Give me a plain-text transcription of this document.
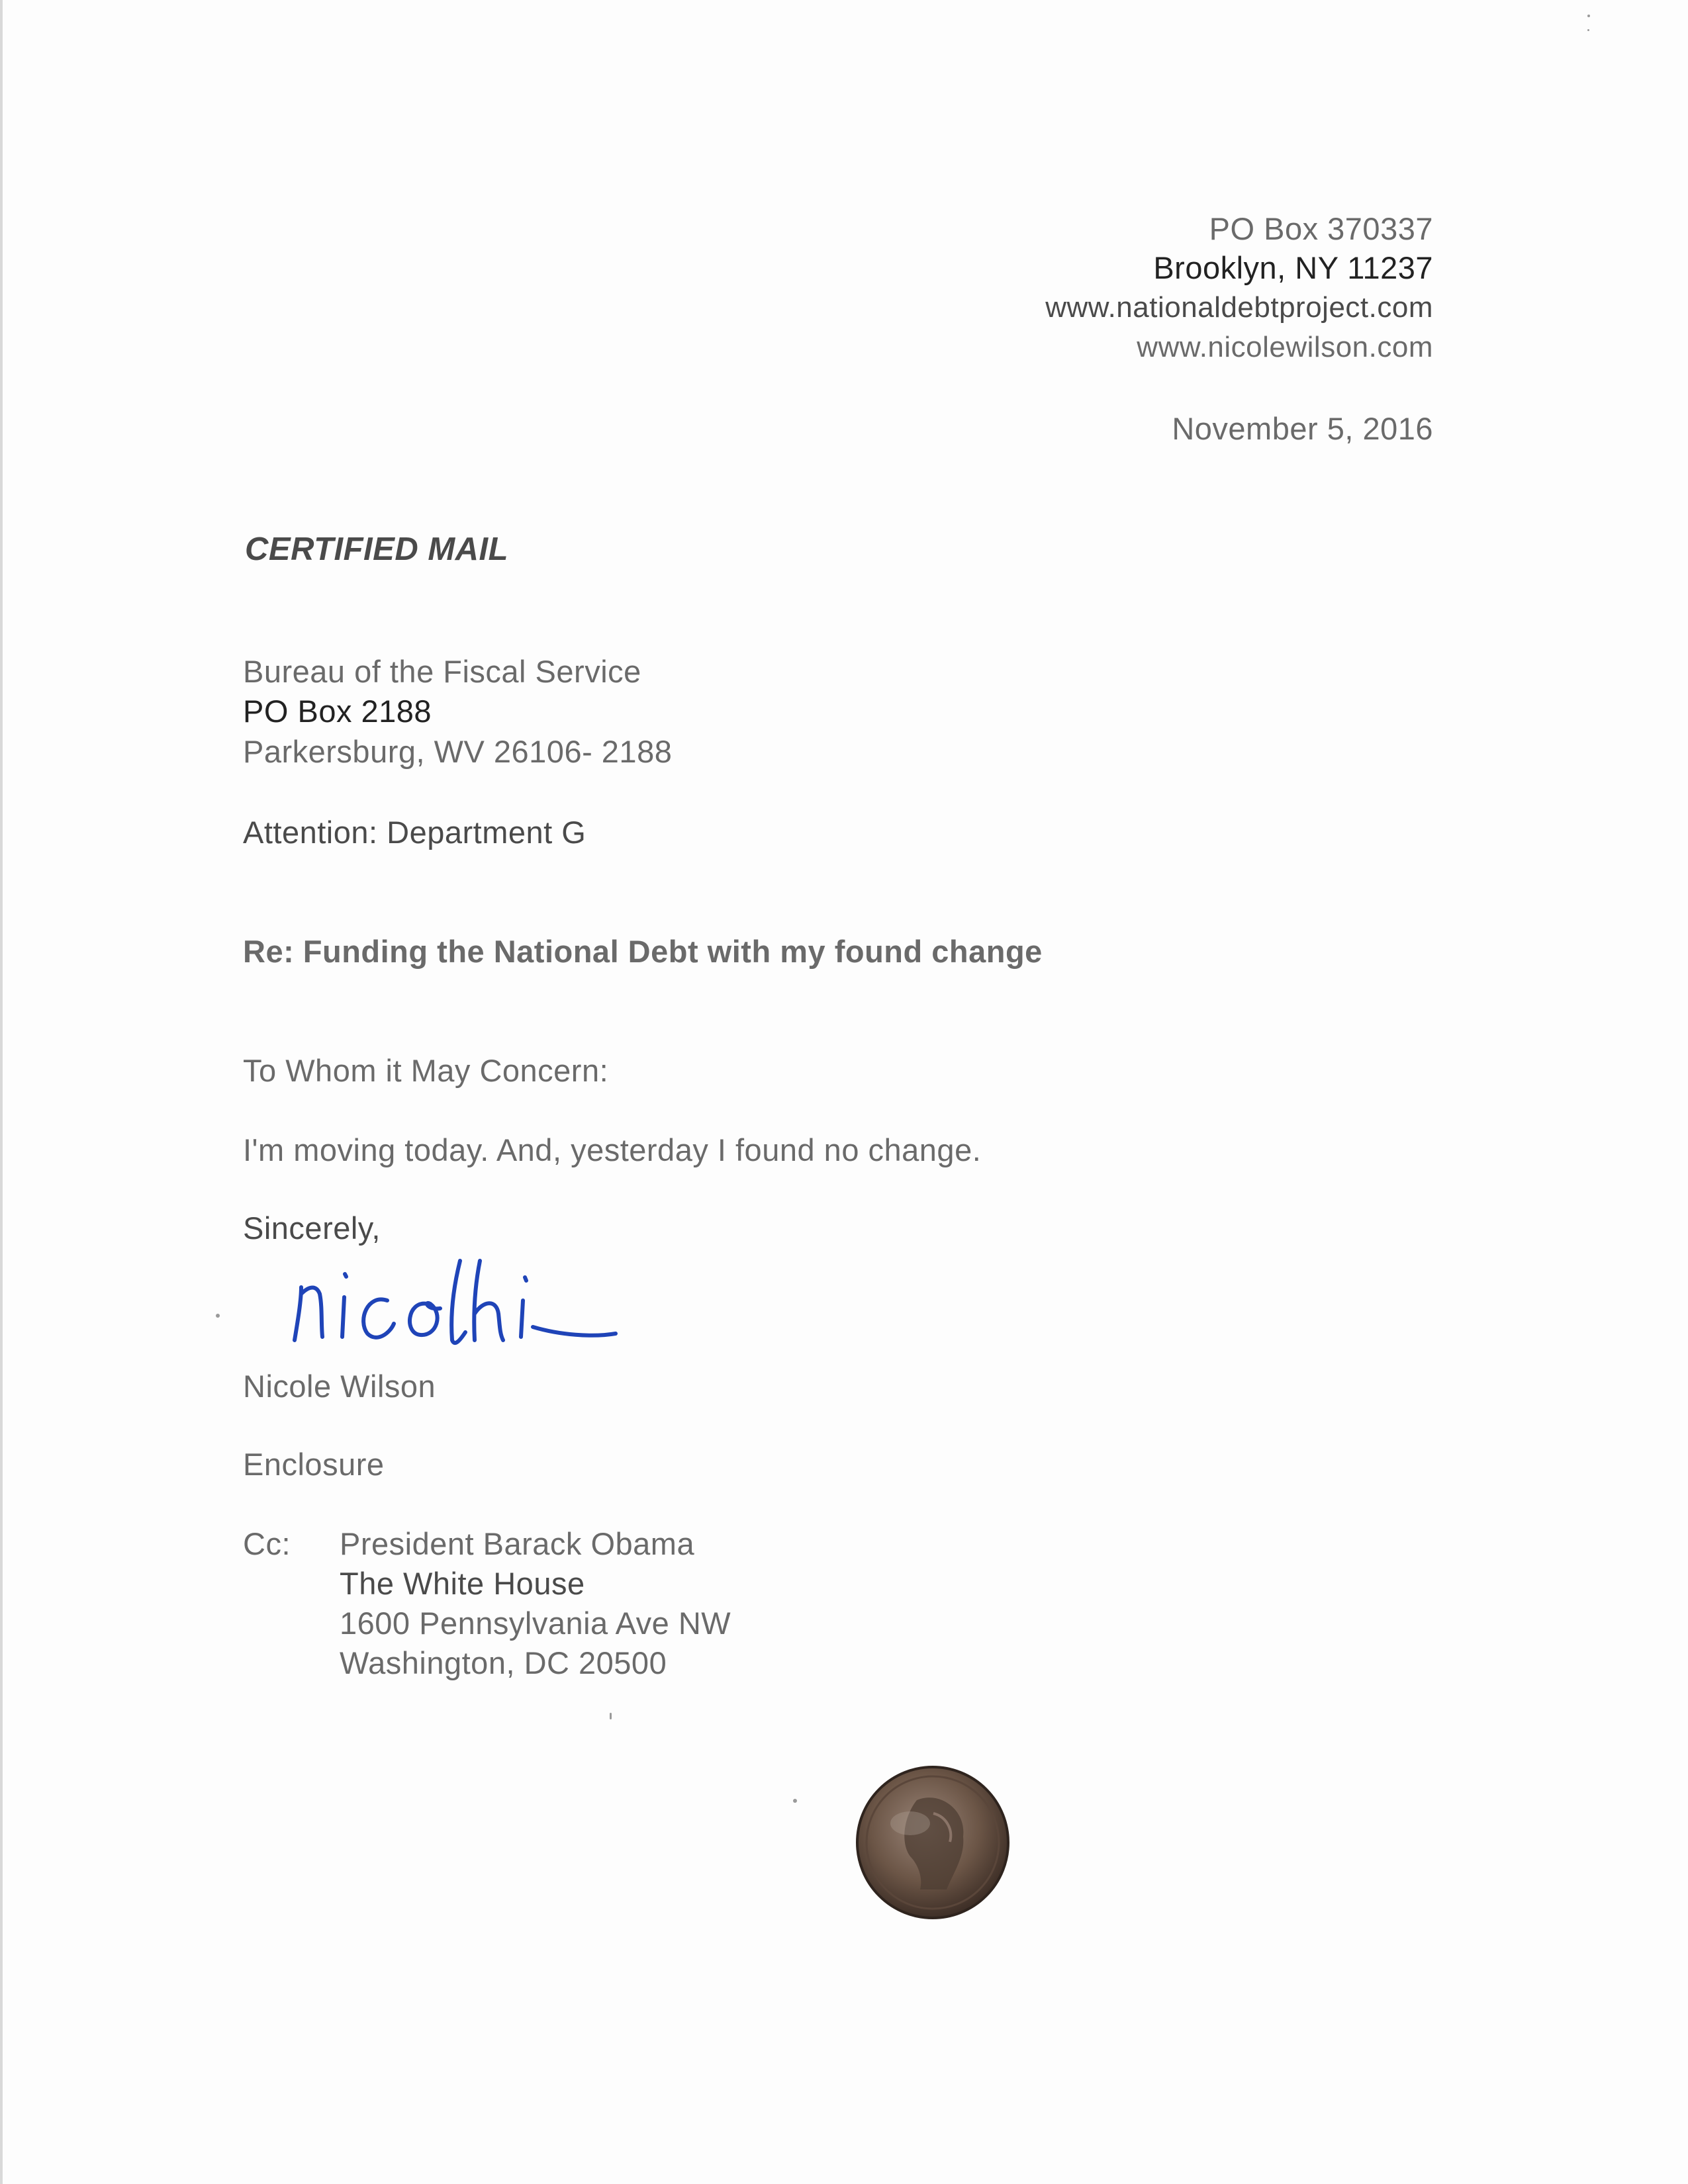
PO Box 370337
Brooklyn, NY 11237
www.nationaldebtproject.com
www.nicolewilson.com
November 5, 2016
CERTIFIED MAIL
Bureau of the Fiscal Service
PO Box 2188
Parkersburg, WV 26106- 2188
Attention: Department G
Re: Funding the National Debt with my found change
To Whom it May Concern:
I'm moving today. And, yesterday I found no change.
Sincerely,
Nicole Wilson
Enclosure
Cc: President Barack Obama
The White House
1600 Pennsylvania Ave NW
Washington, DC 20500
